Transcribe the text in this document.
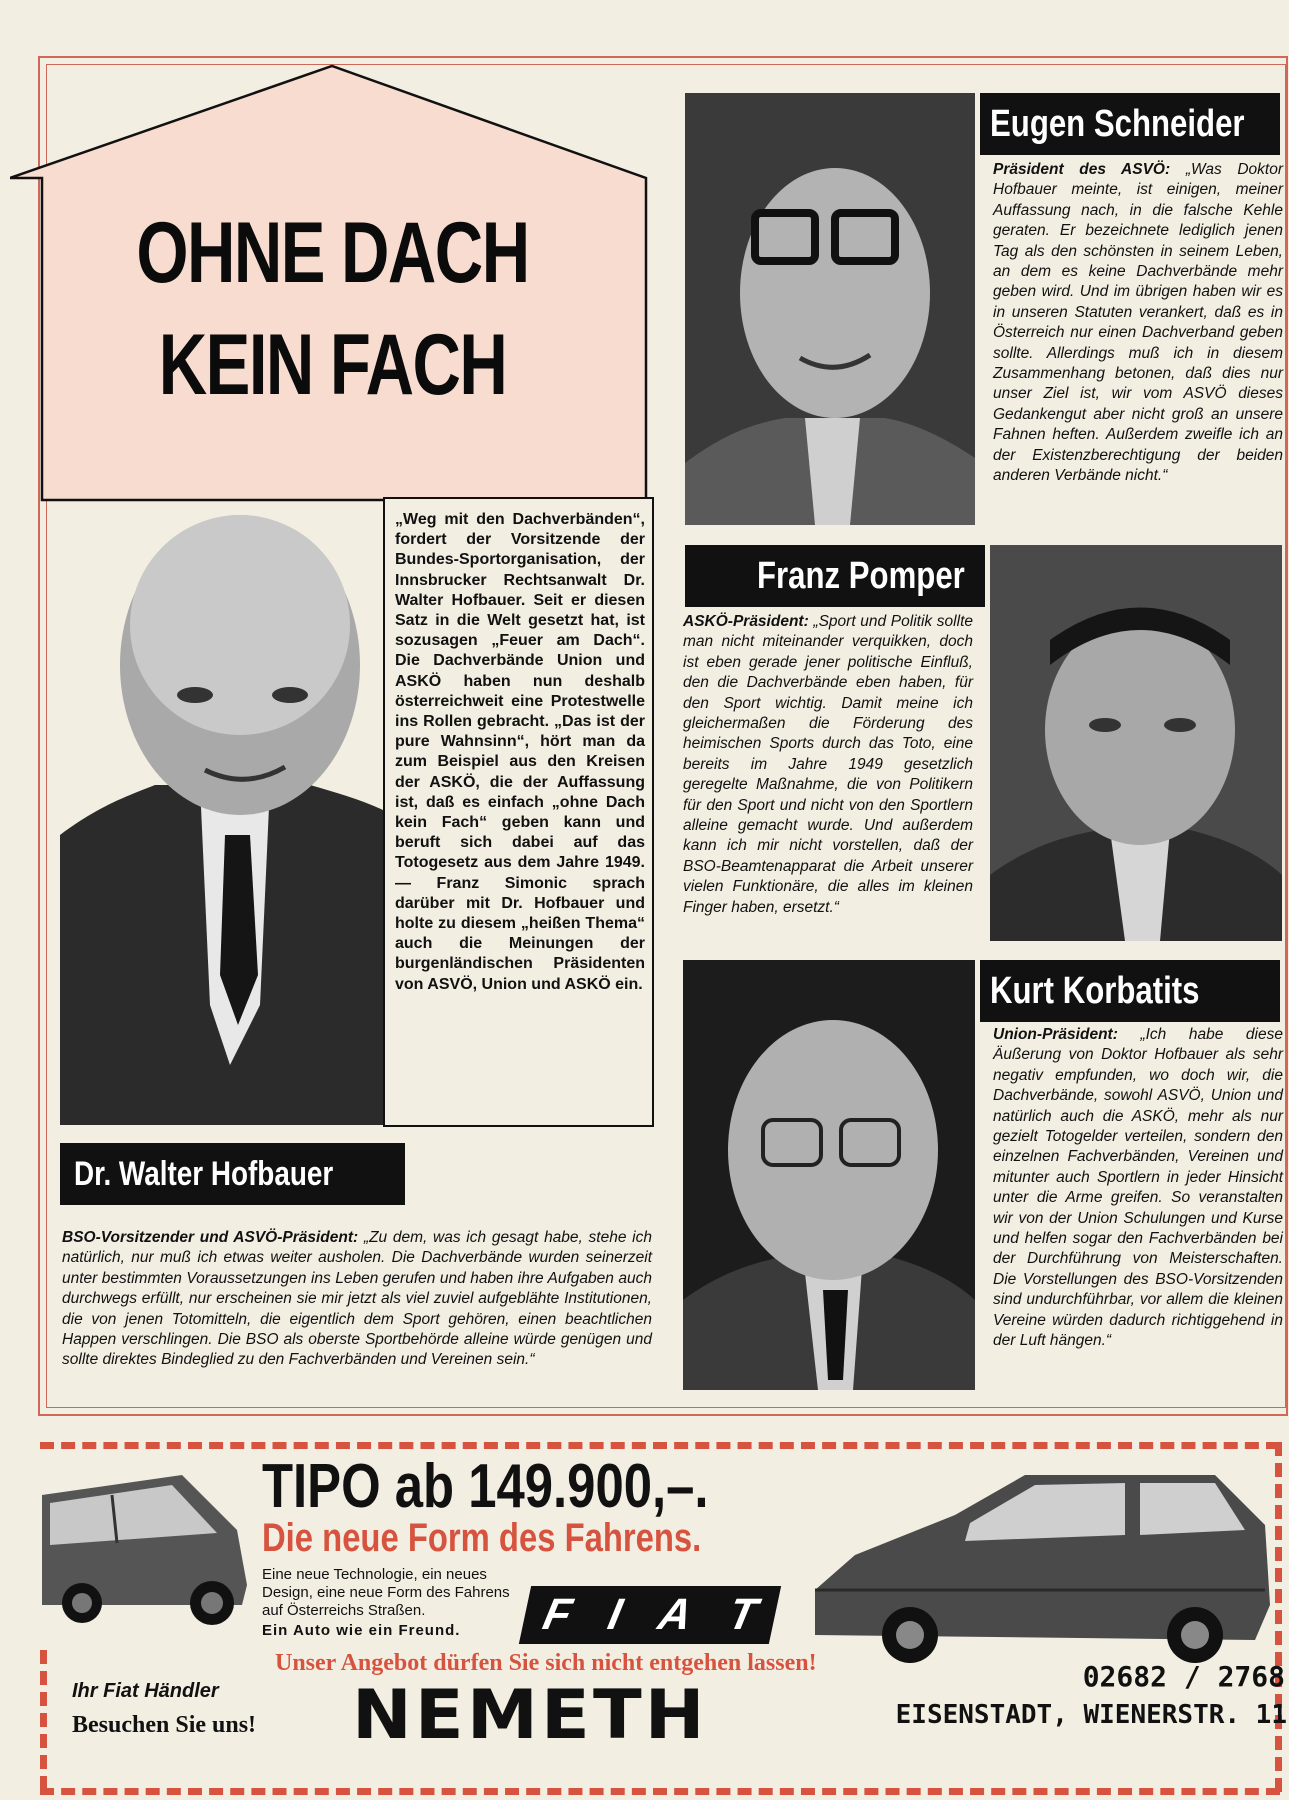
OHNE DACH
KEIN FACH
„Weg mit den Dachverbänden“, fordert der Vorsitzende der Bundes-Sportorganisation, der Innsbrucker Rechtsanwalt Dr. Walter Hofbauer. Seit er diesen Satz in die Welt gesetzt hat, ist sozusagen „Feuer am Dach“. Die Dachverbände Union und ASKÖ haben nun deshalb österreichweit eine Protestwelle ins Rollen gebracht. „Das ist der pure Wahnsinn“, hört man da zum Beispiel aus den Kreisen der ASKÖ, die der Auffassung ist, daß es einfach „ohne Dach kein Fach“ geben kann und beruft sich dabei auf das Totogesetz aus dem Jahre 1949. — Franz Simonic sprach darüber mit Dr. Hofbauer und holte zu diesem „heißen Thema“ auch die Meinungen der burgenländischen Präsidenten von ASVÖ, Union und ASKÖ ein.
Dr. Walter Hofbauer
BSO-Vorsitzender und ASVÖ-Präsident: „Zu dem, was ich gesagt habe, stehe ich natürlich, nur muß ich etwas weiter ausholen. Die Dachverbände wurden seinerzeit unter bestimmten Voraussetzungen ins Leben gerufen und haben ihre Aufgaben auch durchwegs erfüllt, nur erscheinen sie mir jetzt als viel zuviel aufgeblähte Institutionen, die von jenen Totomitteln, die eigentlich dem Sport gehören, einen beachtlichen Happen verschlingen. Die BSO als oberste Sportbehörde alleine würde genügen und sollte direktes Bindeglied zu den Fachverbänden und Vereinen sein.“
Eugen Schneider
Präsident des ASVÖ: „Was Doktor Hofbauer meinte, ist einigen, meiner Auffassung nach, in die falsche Kehle geraten. Er bezeichnete lediglich jenen Tag als den schönsten in seinem Leben, an dem es keine Dachverbände mehr geben wird. Und im übrigen haben wir es in unseren Statuten verankert, daß es in Österreich nur einen Dachverband geben sollte. Allerdings muß ich in diesem Zusammenhang betonen, daß dies nur unser Ziel ist, wir vom ASVÖ dieses Gedankengut aber nicht groß an unsere Fahnen heften. Außerdem zweifle ich an der Existenzberechtigung der beiden anderen Verbände nicht.“
Franz Pomper
ASKÖ-Präsident: „Sport und Politik sollte man nicht miteinander verquikken, doch ist eben gerade jener politische Einfluß, den die Dachverbände eben haben, für den Sport wichtig. Damit meine ich gleichermaßen die Förderung des heimischen Sports durch das Toto, eine bereits im Jahre 1949 gesetzlich geregelte Maßnahme, die von Politikern für den Sport und nicht von den Sportlern alleine gemacht wurde. Und außerdem kann ich mir nicht vorstellen, daß der BSO-Beamtenapparat die Arbeit unserer vielen Funktionäre, die alles im kleinen Finger haben, ersetzt.“
Kurt Korbatits
Union-Präsident: „Ich habe diese Äußerung von Doktor Hofbauer als sehr negativ empfunden, wo doch wir, die Dachverbände, sowohl ASVÖ, Union und natürlich auch die ASKÖ, mehr als nur gezielt Totogelder verteilen, sondern den einzelnen Fachverbänden, Vereinen und mitunter auch Sportlern in jeder Hinsicht unter die Arme greifen. So veranstalten wir von der Union Schulungen und Kurse und helfen sogar den Fachverbänden bei der Durchführung von Meisterschaften. Die Vorstellungen des BSO-Vorsitzenden sind undurchführbar, vor allem die kleinen Vereine würden dadurch richtiggehend in der Luft hängen.“
TIPO ab 149.900,–.
Die neue Form des Fahrens.
Eine neue Technologie, ein neues Design, eine neue Form des Fahrens auf Österreichs Straßen.
Ein Auto wie ein Freund.	F I A T
Unser Angebot dürfen Sie sich nicht entgehen lassen!	02682 / 2768
Ihr Fiat Händler
Besuchen Sie uns!	NEMETH	EISENSTADT, WIENERSTR. 11
